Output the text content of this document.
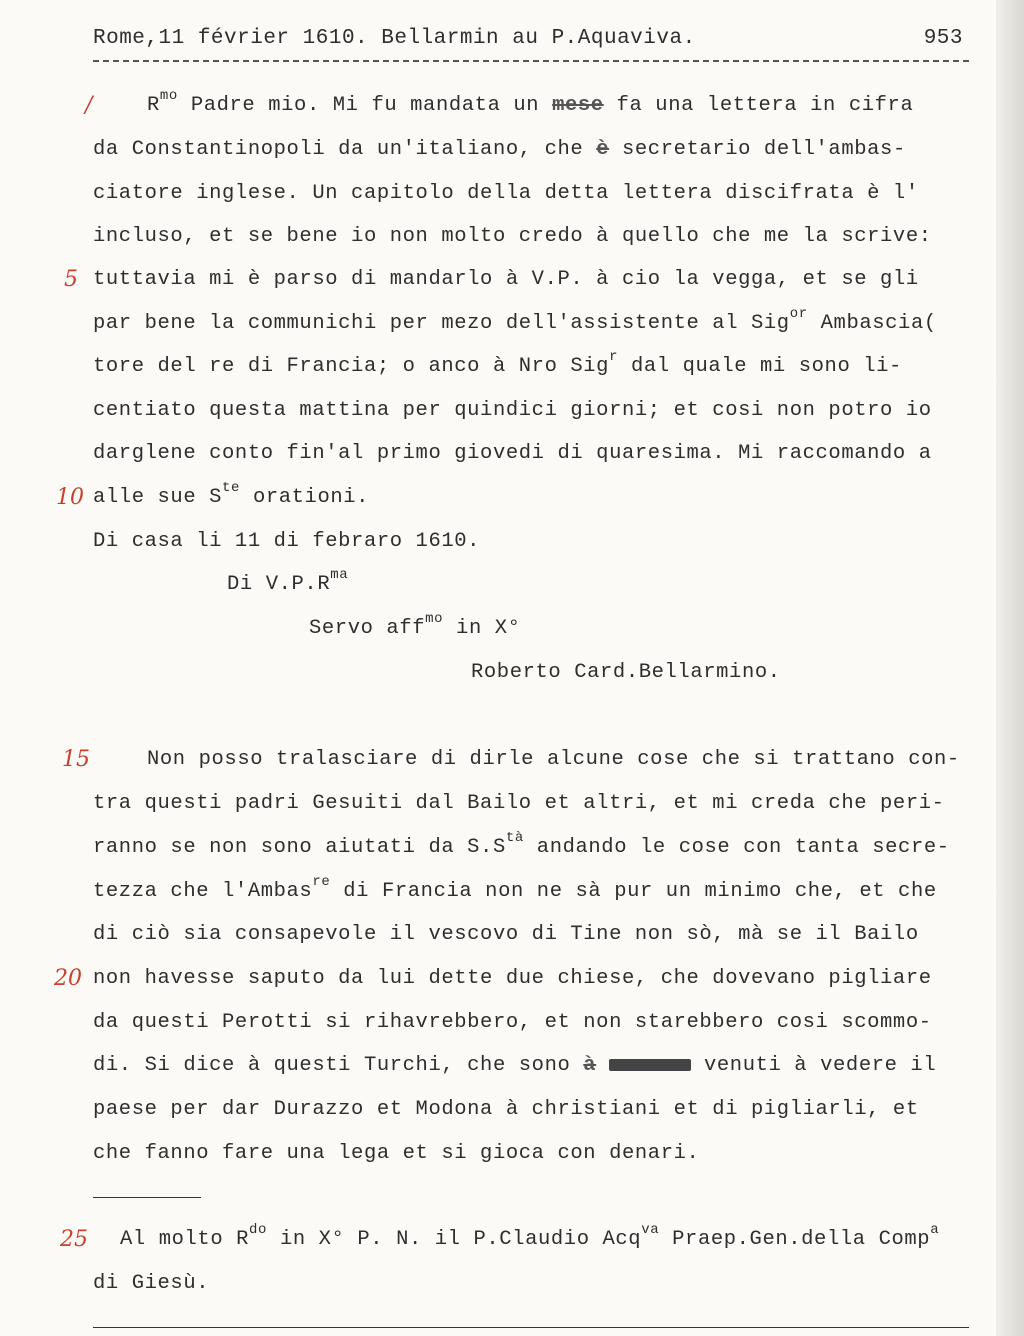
Rome,11 février 1610. Bellarmin au P.Aquaviva.	953
/
5
10
15
20
25
$R^{mo}$ Padre mio. Mi fu mandata un mese fa una lettera in cifra
da Constantinopoli da un'italiano, che è secretario dell'ambas-
ciatore inglese. Un capitolo della detta lettera discifrata è l'
incluso, et se bene io non molto credo à quello che me la scrive:
tuttavia mi è parso di mandarlo à V.P. à cio la vegga, et se gli
par bene la communichi per mezo dell'assistente al Sig$^{or}$ Ambascia(
tore del re di Francia; o anco à Nro Sig$^r$ dal quale mi sono li-
centiato questa mattina per quindici giorni; et cosi non potro io
darglene conto fin'al primo giovedi di quaresima. Mi raccomando a
alle sue $S^{te}$ orationi.
Di casa li 11 di febraro 1610.
Di $V.P.R^{ma}$
Servo aff$^{mo}$ in X°
Roberto Card.Bellarmino.
Non posso tralasciare di dirle alcune cose che si trattano con-
tra questi padri Gesuiti dal Bailo et altri, et mi creda che peri-
ranno se non sono aiutati da $S.S^{tà}$ andando le cose con tanta secre-
tezza che l'Ambas$^{re}$ di Francia non ne sà pur un minimo che, et che
di ciò sia consapevole il vescovo di Tine non sò, mà se il Bailo
non havesse saputo da lui dette due chiese, che dovevano pigliare
da questi Perotti si rihavrebbero, et non starebbero cosi scommo-
di. Si dice à questi Turchi, che sono à	venuti à vedere il
paese per dar Durazzo et Modona à christiani et di pigliarli, et
che fanno fare una lega et si gioca con denari.
Al molto $R^{do}$ in X° P. N. il P.Claudio Acq$^{va}$ Praep.Gen.della Comp$^a$
di Giesù.
